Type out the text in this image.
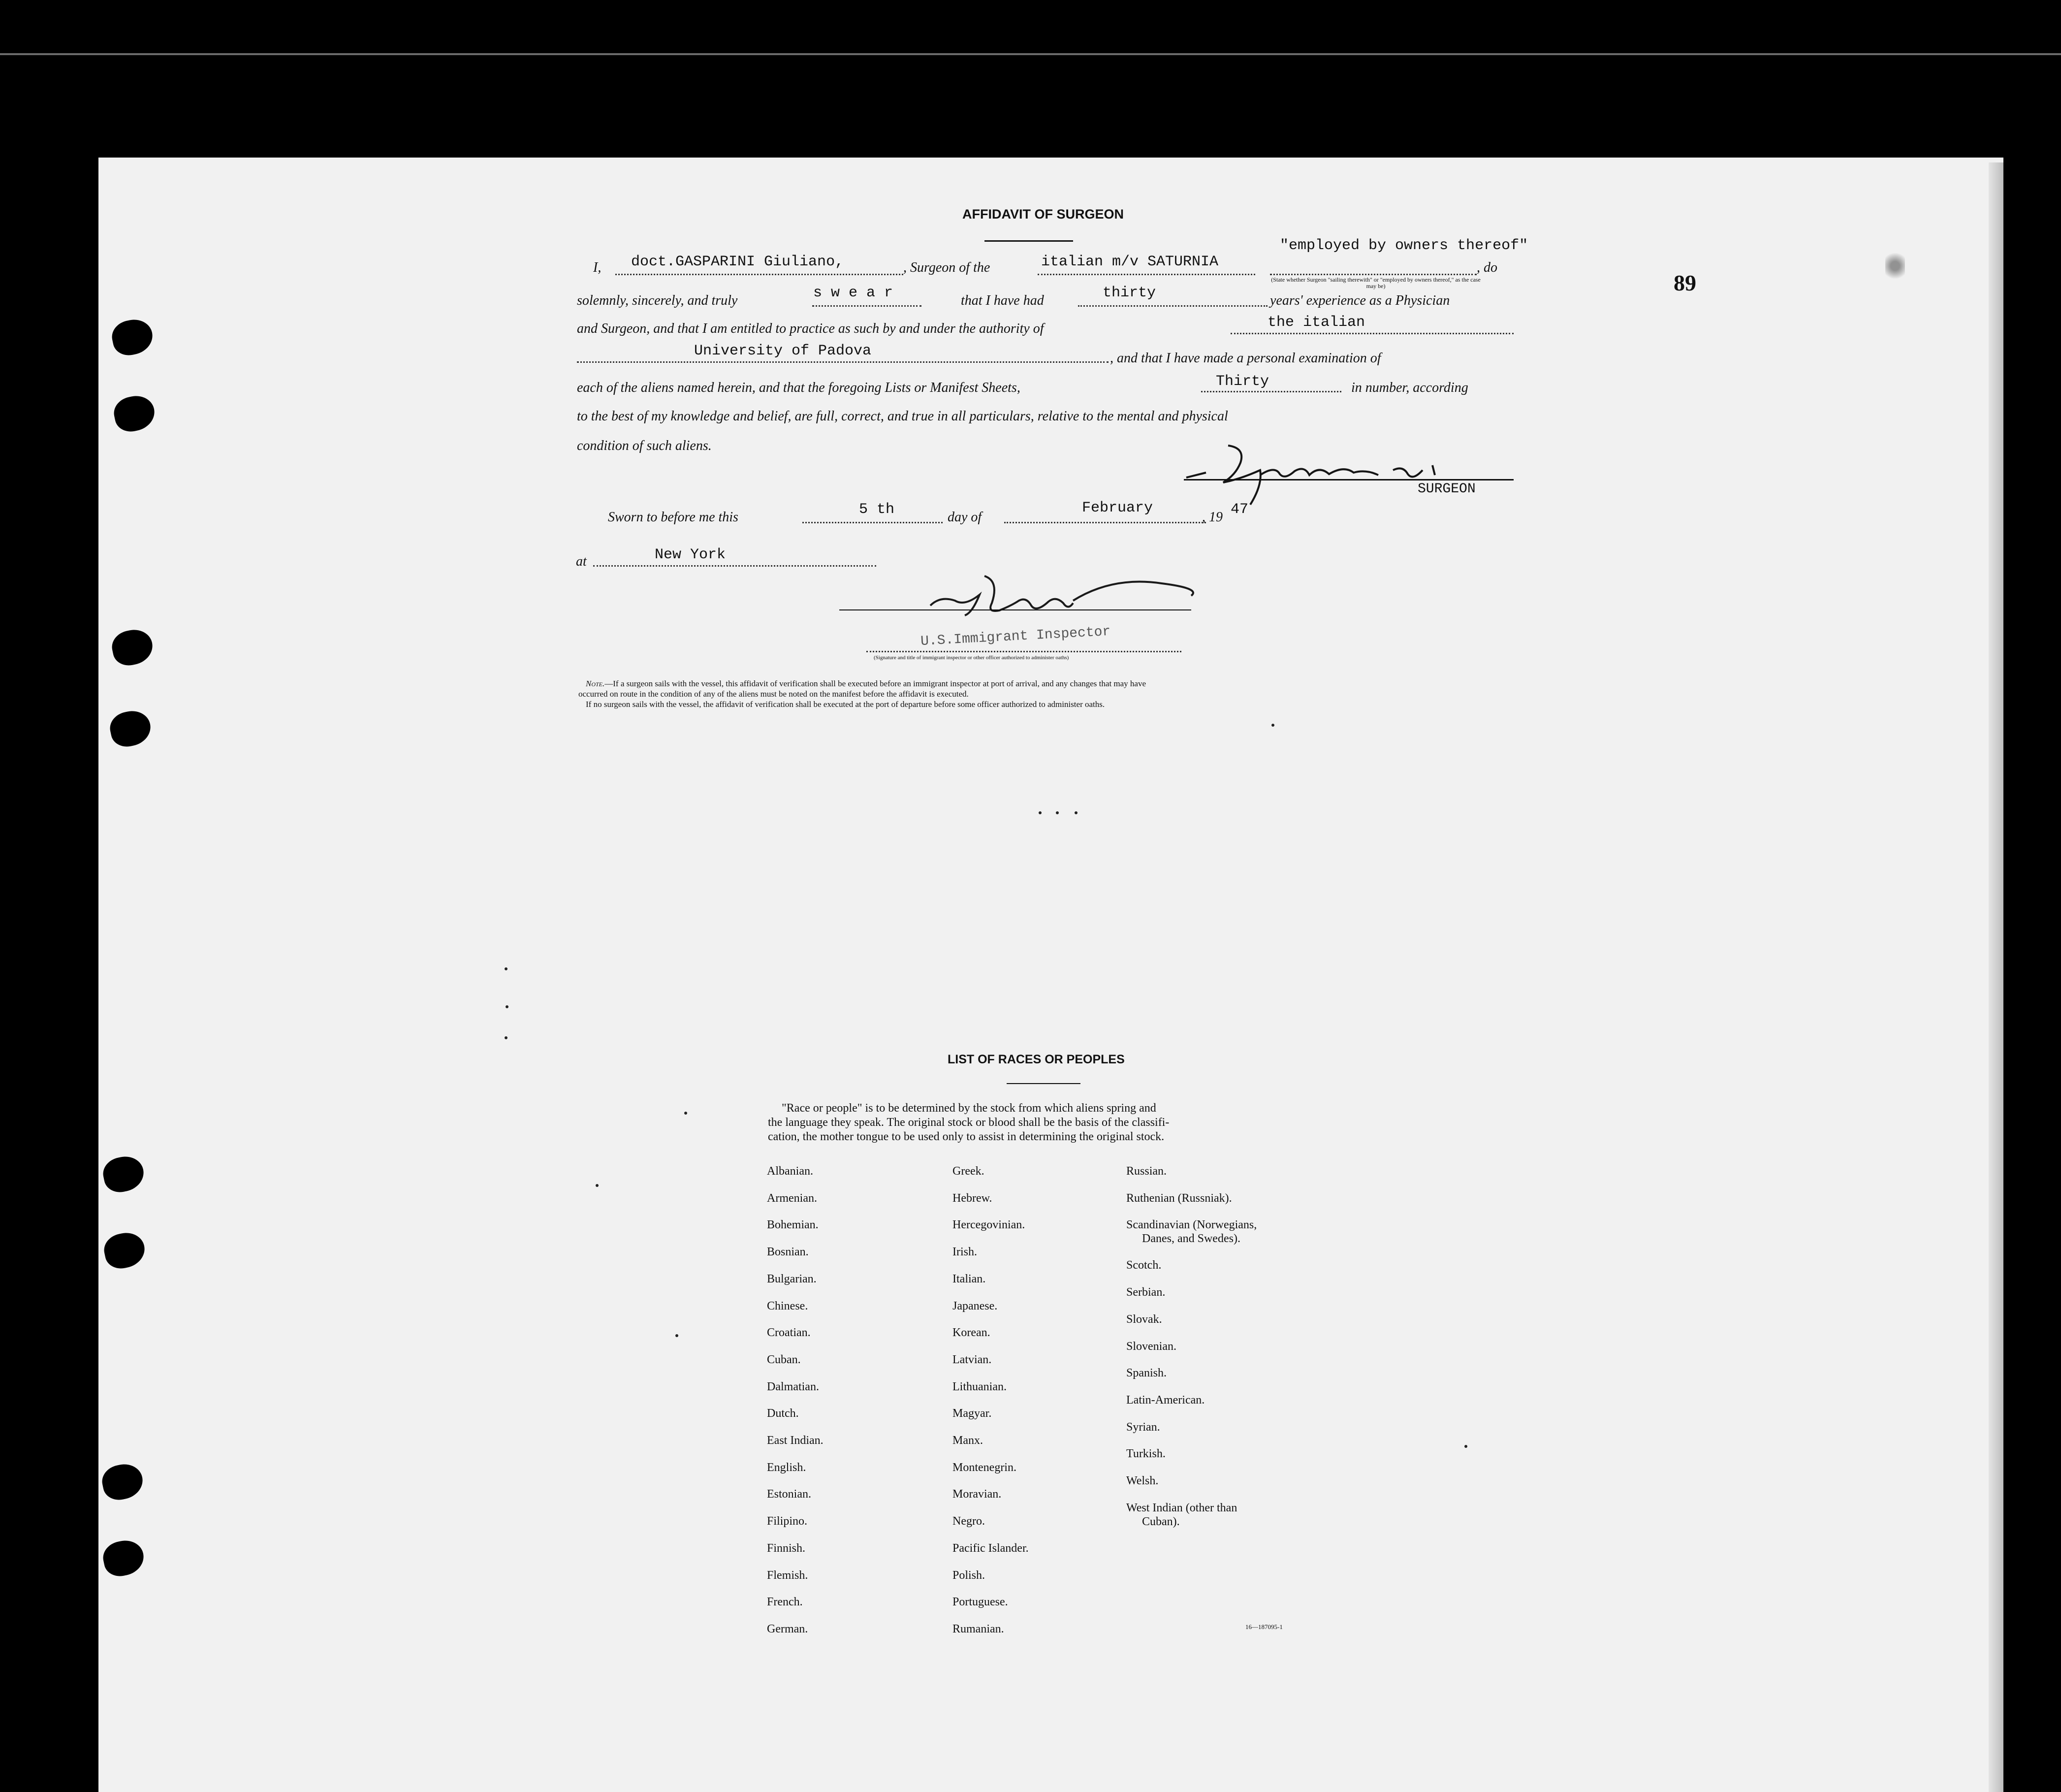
89
AFFIDAVIT OF SURGEON
I, doct.GASPARINI Giuliano,	, Surgeon of the	italian m/v SATURNIA
"employed by owners thereof"
(State whether Surgeon "sailing therewith" or "employed by owners thereof," as the case may be)
, do
solemnly, sincerely, and truly	s w e a r	that I have had	thirty	years' experience as a Physician
and Surgeon, and that I am entitled to practice as such by and under the authority of	the italian
University of Padova	, and that I have made a personal examination of
each of the aliens named herein, and that the foregoing Lists or Manifest Sheets,	Thirty	in number, according
to the best of my knowledge and belief, are full, correct, and true in all particulars, relative to the mental and physical
condition of such aliens.
SURGEON
Sworn to before me this	5 th	day of
February
, 19 47
at	New York
U.S.Immigrant Inspector

(Signature and title of immigrant inspector or other officer authorized to administer oaths)
Note.—If a surgeon sails with the vessel, this affidavit of verification shall be executed before an immigrant inspector at port of arrival, and any changes that may have
occurred on route in the condition of any of the aliens must be noted on the manifest before the affidavit is executed.
If no surgeon sails with the vessel, the affidavit of verification shall be executed at the port of departure before some officer authorized to administer oaths.
LIST OF RACES OR PEOPLES
"Race or people" is to be determined by the stock from which aliens spring and
the language they speak. The original stock or blood shall be the basis of the classifi-
cation, the mother tongue to be used only to assist in determining the original stock.
Albanian.
Armenian.
Bohemian.
Bosnian.
Bulgarian.
Chinese.
Croatian.
Cuban.
Dalmatian.
Dutch.
East Indian.
English.
Estonian.
Filipino.
Finnish.
Flemish.
French.
German.
Greek.
Hebrew.
Hercegovinian.
Irish.
Italian.
Japanese.
Korean.
Latvian.
Lithuanian.
Magyar.
Manx.
Montenegrin.
Moravian.
Negro.
Pacific Islander.
Polish.
Portuguese.
Rumanian.
Russian.
Ruthenian (Russniak).
Scandinavian (Norwegians,
Danes, and Swedes).
Scotch.
Serbian.
Slovak.
Slovenian.
Spanish.
Latin-American.
Syrian.
Turkish.
Welsh.
West Indian (other than
Cuban).
16—187095-1
